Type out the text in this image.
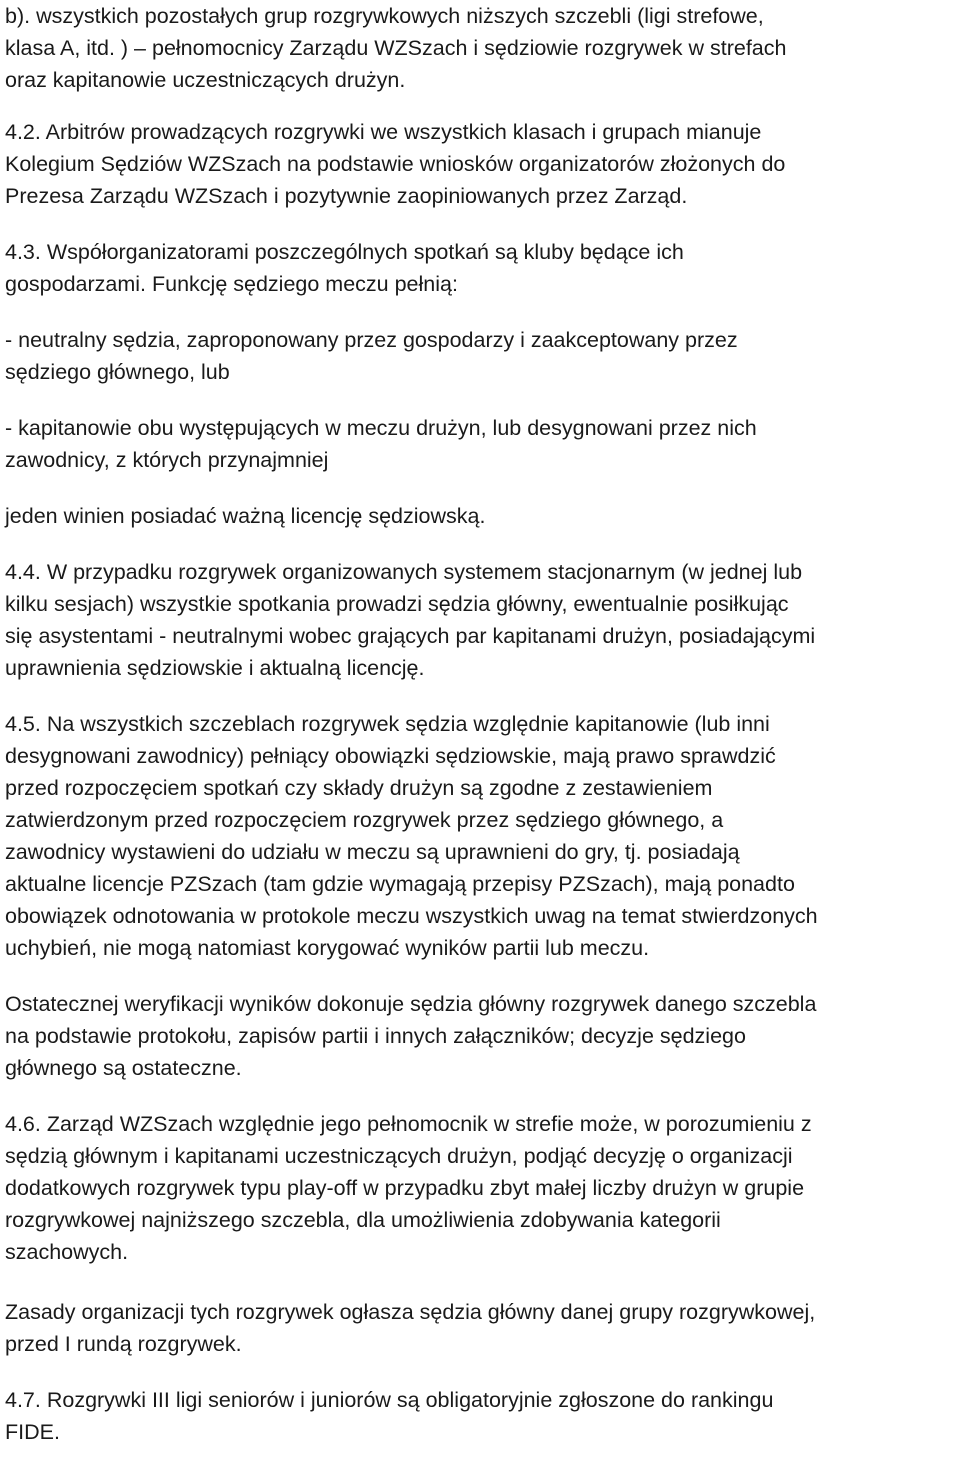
b). wszystkich pozostałych grup rozgrywkowych niższych szczebli (ligi strefowe,
klasa A, itd. ) – pełnomocnicy Zarządu WZSzach i sędziowie rozgrywek w strefach
oraz kapitanowie uczestniczących drużyn.
4.2. Arbitrów prowadzących rozgrywki we wszystkich klasach i grupach mianuje
Kolegium Sędziów WZSzach na podstawie wniosków organizatorów złożonych do
Prezesa Zarządu WZSzach i pozytywnie zaopiniowanych przez Zarząd.
4.3. Współorganizatorami poszczególnych spotkań są kluby będące ich
gospodarzami. Funkcję sędziego meczu pełnią:
- neutralny sędzia, zaproponowany przez gospodarzy i zaakceptowany przez
sędziego głównego, lub
- kapitanowie obu występujących w meczu drużyn, lub desygnowani przez nich
zawodnicy, z których przynajmniej
jeden winien posiadać ważną licencję sędziowską.
4.4. W przypadku rozgrywek organizowanych systemem stacjonarnym (w jednej lub
kilku sesjach) wszystkie spotkania prowadzi sędzia główny, ewentualnie posiłkując
się asystentami - neutralnymi wobec grających par kapitanami drużyn, posiadającymi
uprawnienia sędziowskie i aktualną licencję.
4.5. Na wszystkich szczeblach rozgrywek sędzia względnie kapitanowie (lub inni
desygnowani zawodnicy) pełniący obowiązki sędziowskie, mają prawo sprawdzić
przed rozpoczęciem spotkań czy składy drużyn są zgodne z zestawieniem
zatwierdzonym przed rozpoczęciem rozgrywek przez sędziego głównego, a
zawodnicy wystawieni do udziału w meczu są uprawnieni do gry, tj. posiadają
aktualne licencje PZSzach (tam gdzie wymagają przepisy PZSzach), mają ponadto
obowiązek odnotowania w protokole meczu wszystkich uwag na temat stwierdzonych
uchybień, nie mogą natomiast korygować wyników partii lub meczu.
Ostatecznej weryfikacji wyników dokonuje sędzia główny rozgrywek danego szczebla
na podstawie protokołu, zapisów partii i innych załączników; decyzje sędziego
głównego są ostateczne.
4.6. Zarząd WZSzach względnie jego pełnomocnik w strefie może, w porozumieniu z
sędzią głównym i kapitanami uczestniczących drużyn, podjąć decyzję o organizacji
dodatkowych rozgrywek typu play-off w przypadku zbyt małej liczby drużyn w grupie
rozgrywkowej najniższego szczebla, dla umożliwienia zdobywania kategorii
szachowych.
Zasady organizacji tych rozgrywek ogłasza sędzia główny danej grupy rozgrywkowej,
przed I rundą rozgrywek.
4.7. Rozgrywki III ligi seniorów i juniorów są obligatoryjnie zgłoszone do rankingu
FIDE.
